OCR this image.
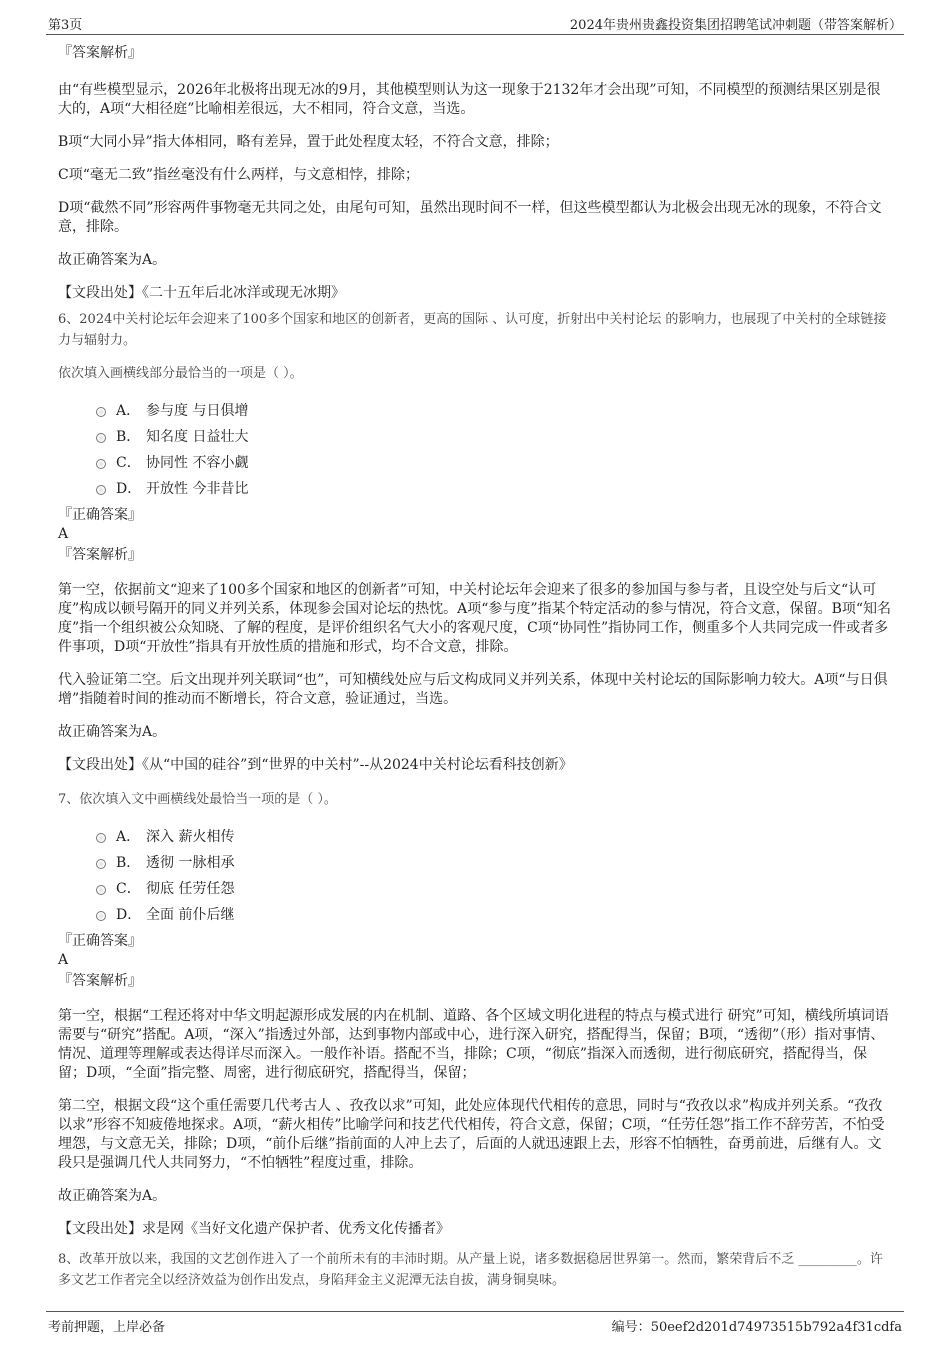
第3页	2024年贵州贵鑫投资集团招聘笔试冲刺题（带答案解析）
『答案解析』
由“有些模型显示，2026年北极将出现无冰的9月，其他模型则认为这一现象于2132年才会出现”可知，不同模型的预测结果区别是很大的，A项“大相径庭”比喻相差很远，大不相同，符合文意，当选。
B项“大同小异”指大体相同，略有差异，置于此处程度太轻，不符合文意，排除；
C项“毫无二致”指丝毫没有什么两样，与文意相悖，排除；
D项“截然不同”形容两件事物毫无共同之处，由尾句可知，虽然出现时间不一样，但这些模型都认为北极会出现无冰的现象，不符合文意，排除。
故正确答案为A。
【文段出处】《二十五年后北冰洋或现无冰期》
6、2024中关村论坛年会迎来了100多个国家和地区的创新者，更高的国际 、认可度，折射出中关村论坛 的影响力，也展现了中关村的全球链接力与辐射力。
依次填入画横线部分最恰当的一项是（ ）。
A． 参与度 与日俱增
B． 知名度 日益壮大
C． 协同性 不容小觑
D． 开放性 今非昔比
『正确答案』
A
『答案解析』
第一空，依据前文“迎来了100多个国家和地区的创新者”可知，中关村论坛年会迎来了很多的参加国与参与者，且设空处与后文“认可度”构成以顿号隔开的同义并列关系，体现参会国对论坛的热忱。A项“参与度”指某个特定活动的参与情况，符合文意，保留。B项“知名度”指一个组织被公众知晓、了解的程度，是评价组织名气大小的客观尺度，C项“协同性”指协同工作，侧重多个人共同完成一件或者多件事项，D项“开放性”指具有开放性质的措施和形式，均不合文意，排除。
代入验证第二空。后文出现并列关联词“也”，可知横线处应与后文构成同义并列关系，体现中关村论坛的国际影响力较大。A项“与日俱增”指随着时间的推动而不断增长，符合文意，验证通过，当选。
故正确答案为A。
【文段出处】《从“中国的硅谷”到“世界的中关村”--从2024中关村论坛看科技创新》
7、依次填入文中画横线处最恰当一项的是（ ）。
A． 深入 薪火相传
B． 透彻 一脉相承
C． 彻底 任劳任怨
D． 全面 前仆后继
『正确答案』
A
『答案解析』
第一空，根据“工程还将对中华文明起源形成发展的内在机制、道路、各个区域文明化进程的特点与模式进行 研究”可知，横线所填词语需要与“研究”搭配。A项，“深入”指透过外部，达到事物内部或中心，进行深入研究，搭配得当，保留；B项，“透彻”（形）指对事情、情况、道理等理解或表达得详尽而深入。一般作补语。搭配不当，排除；C项，“彻底”指深入而透彻，进行彻底研究，搭配得当，保留；D项，“全面”指完整、周密，进行彻底研究，搭配得当，保留；
第二空，根据文段“这个重任需要几代考古人 、孜孜以求”可知，此处应体现代代相传的意思，同时与“孜孜以求”构成并列关系。“孜孜以求”形容不知疲倦地探求。A项，“薪火相传”比喻学问和技艺代代相传，符合文意，保留；C项，“任劳任怨”指工作不辞劳苦，不怕受埋怨，与文意无关，排除；D项，“前仆后继”指前面的人冲上去了，后面的人就迅速跟上去，形容不怕牺牲，奋勇前进，后继有人。文段只是强调几代人共同努力，“不怕牺牲”程度过重，排除。
故正确答案为A。
【文段出处】求是网《当好文化遗产保护者、优秀文化传播者》
8、改革开放以来，我国的文艺创作进入了一个前所未有的丰沛时期。从产量上说，诸多数据稳居世界第一。然而，繁荣背后不乏 _________。许多文艺工作者完全以经济效益为创作出发点，身陷拜金主义泥潭无法自拔，满身铜臭味。
考前押题，上岸必备	编号：50eef2d201d74973515b792a4f31cdfa
